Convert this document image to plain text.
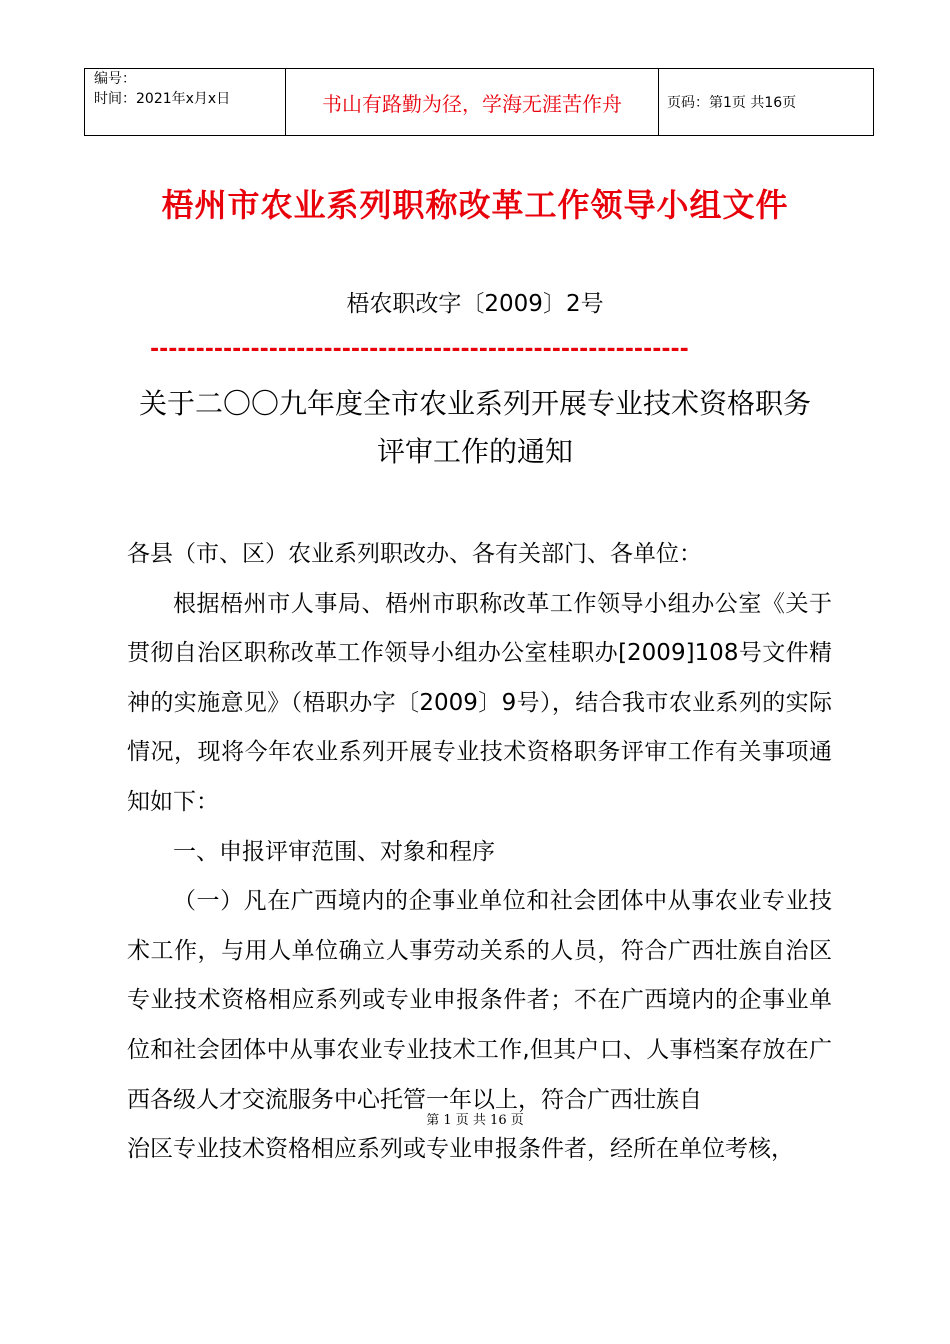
编号：
时间：2021年x月x日	书山有路勤为径，学海无涯苦作舟	页码：第1页 共16页
梧州市农业系列职称改革工作领导小组文件
梧农职改字〔2009〕2号
-----------------------------------------------------------
关于二〇〇九年度全市农业系列开展专业技术资格职务
评审工作的通知

各县（市、区）农业系列职改办、各有关部门、各单位：

根据梧州市人事局、梧州市职称改革工作领导小组办公室《关于贯彻自治区职称改革工作领导小组办公室桂职办[2009]108号文件精神的实施意见》（梧职办字〔2009〕9号），结合我市农业系列的实际情况，现将今年农业系列开展专业技术资格职务评审工作有关事项通知如下：

一、申报评审范围、对象和程序

（一）凡在广西境内的企事业单位和社会团体中从事农业专业技术工作，与用人单位确立人事劳动关系的人员，符合广西壮族自治区专业技术资格相应系列或专业申报条件者；不在广西境内的企事业单位和社会团体中从事农业专业技术工作,但其户口、人事档案存放在广西各级人才交流服务中心托管一年以上，符合广西壮族自

治区专业技术资格相应系列或专业申报条件者，经所在单位考核，

第 1 页 共 16 页
